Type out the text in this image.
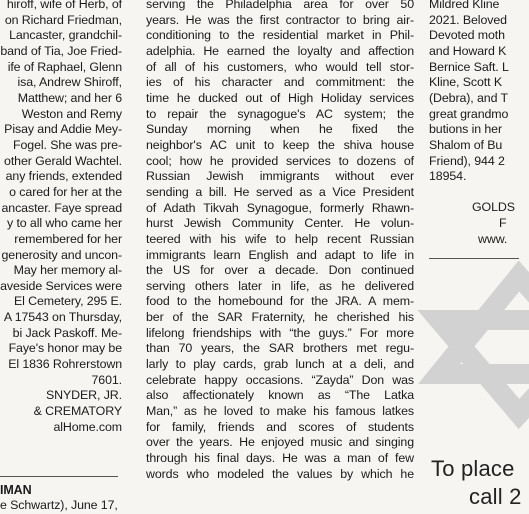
hiroff, wife of Herb, of
on Richard Friedman,
Lancaster, grandchil-
band of Tia, Joe Fried-
ife of Raphael, Glenn
isa, Andrew Shiroff,
Matthew; and her 6
Weston and Remy
Pisay and Addie Mey-
Fogel. She was pre-
other Gerald Wachtel.
any friends, extended
o cared for her at the
ancaster. Faye spread
y to all who came her
remembered for her
generosity and uncon-
May her memory al-
aveside Services were
El Cemetery, 295 E.
A 17543 on Thursday,
bi Jack Paskoff. Me-
Faye's honor may be
El 1836 Rohrerstown
7601.
SNYDER, JR.
& CREMATORY
alHome.com
IMAN
e Schwartz), June 17,
serving the Philadelphia area for over 50
years. He was the first contractor to bring air-
conditioning to the residential market in Phil-
adelphia. He earned the loyalty and affection
of all of his customers, who would tell stor-
ies of his character and commitment: the
time he ducked out of High Holiday services
to repair the synagogue's AC system; the
Sunday morning when he fixed the
neighbor's AC unit to keep the shiva house
cool; how he provided services to dozens of
Russian Jewish immigrants without ever
sending a bill. He served as a Vice President
of Adath Tikvah Synagogue, formerly Rhawn-
hurst Jewish Community Center. He volun-
teered with his wife to help recent Russian
immigrants learn English and adapt to life in
the US for over a decade. Don continued
serving others later in life, as he delivered
food to the homebound for the JRA. A mem-
ber of the SAR Fraternity, he cherished his
lifelong friendships with “the guys.” For more
than 70 years, the SAR brothers met regu-
larly to play cards, grab lunch at a deli, and
celebrate happy occasions. “Zayda” Don was
also affectionately known as “The Latka
Man,” as he loved to make his famous latkes
for family, friends and scores of students
over the years. He enjoyed music and singing
through his final days. He was a man of few
words who modeled the values by which he
Mildred Kline
2021. Beloved
Devoted moth
and Howard K
Bernice Saft. L
Kline, Scott K
(Debra), and T
great grandmo
butions in her
Shalom of Bu
Friend), 944 2
18954.
GOLDS
F
www.
To place
call 2
